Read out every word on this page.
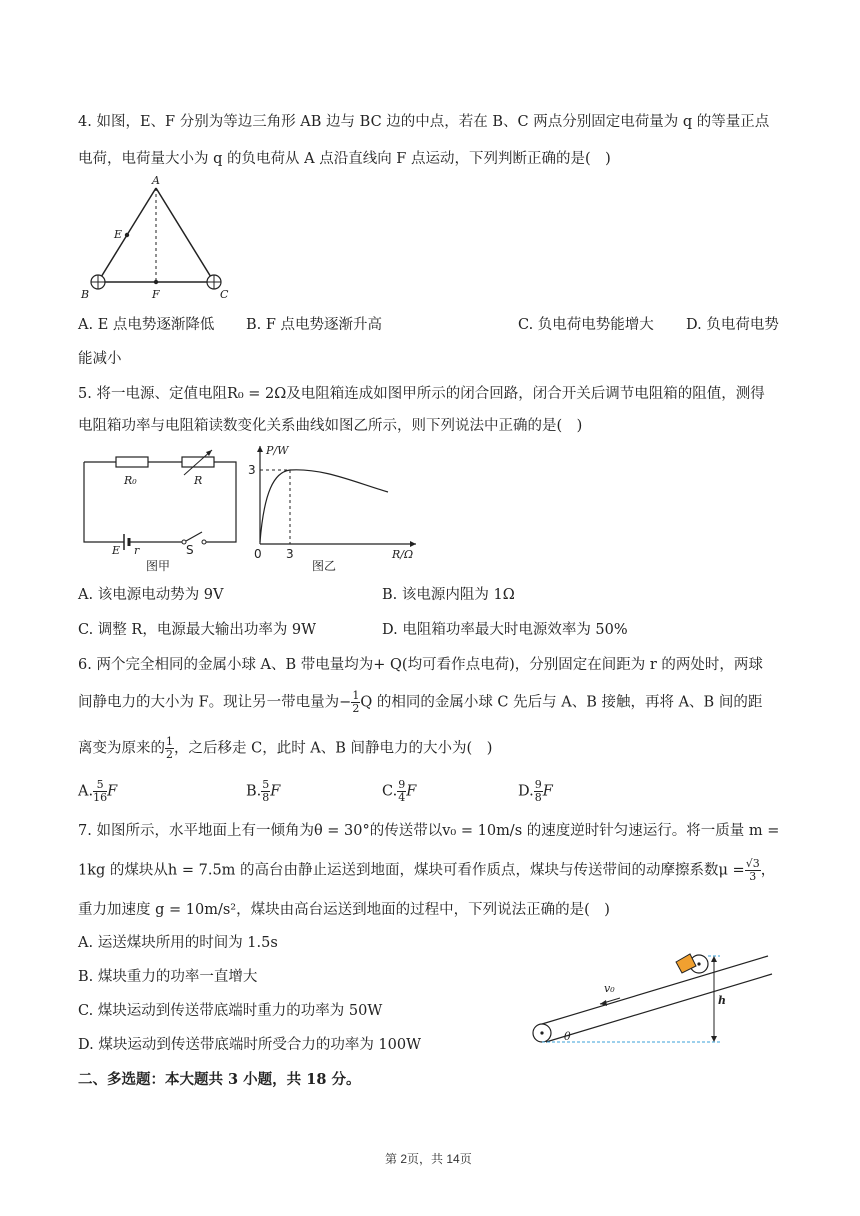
4. 如图，E、F 分别为等边三角形 AB 边与 BC 边的中点，若在 B、C 两点分别固定电荷量为 q 的等量正点
电荷，电荷量大小为 q 的负电荷从 A 点沿直线向 F 点运动，下列判断正确的是(　)
A
E
B	F	C
A. E 点电势逐渐降低 B. F 点电势逐渐升高	C. 负电荷电势能增大 D. 负电荷电势
能减小
5. 将一电源、定值电阻R₀ = 2Ω及电阻箱连成如图甲所示的闭合回路，闭合开关后调节电阻箱的阻值，测得
电阻箱功率与电阻箱读数变化关系曲线如图乙所示，则下列说法中正确的是(　)
R₀	R
E r	S
图甲
P/W
3
0 3	R/Ω
图乙
A. 该电源电动势为 9V	B. 该电源内阻为 1Ω
C. 调整 R，电源最大输出功率为 9W	D. 电阻箱功率最大时电源效率为 50%
6. 两个完全相同的金属小球 A、B 带电量均为+ Q(均可看作点电荷)，分别固定在间距为 r 的两处时，两球
间静电力的大小为 F。现让另一带电量为− $\frac{1}{2}$ Q 的相同的金属小球 C 先后与 A、B 接触，再将 A、B 间的距
离变为原来的 $\frac{1}{2}$ ，之后移走 C，此时 A、B 间静电力的大小为(　)
A. $\frac{5}{16}$ F	B. $\frac{5}{8}$ F	C. $\frac{9}{4}$ F	D. $\frac{9}{8}$ F
7. 如图所示，水平地面上有一倾角为θ = 30°的传送带以v₀ = 10m/s 的速度逆时针匀速运行。将一质量 m =
1kg 的煤块从h = 7.5m 的高台由静止运送到地面，煤块可看作质点，煤块与传送带间的动摩擦系数$\mu = \frac{√3}{3}$ ，
重力加速度 g = 10m/s²，煤块由高台运送到地面的过程中，下列说法正确的是(　)
A. 运送煤块所用的时间为 1.5s
B. 煤块重力的功率一直增大
C. 煤块运动到传送带底端时重力的功率为 50W
D. 煤块运动到传送带底端时所受合力的功率为 100W
v₀
h
θ
二、多选题：本大题共 3 小题，共 18 分。
第 2页，共 14页
